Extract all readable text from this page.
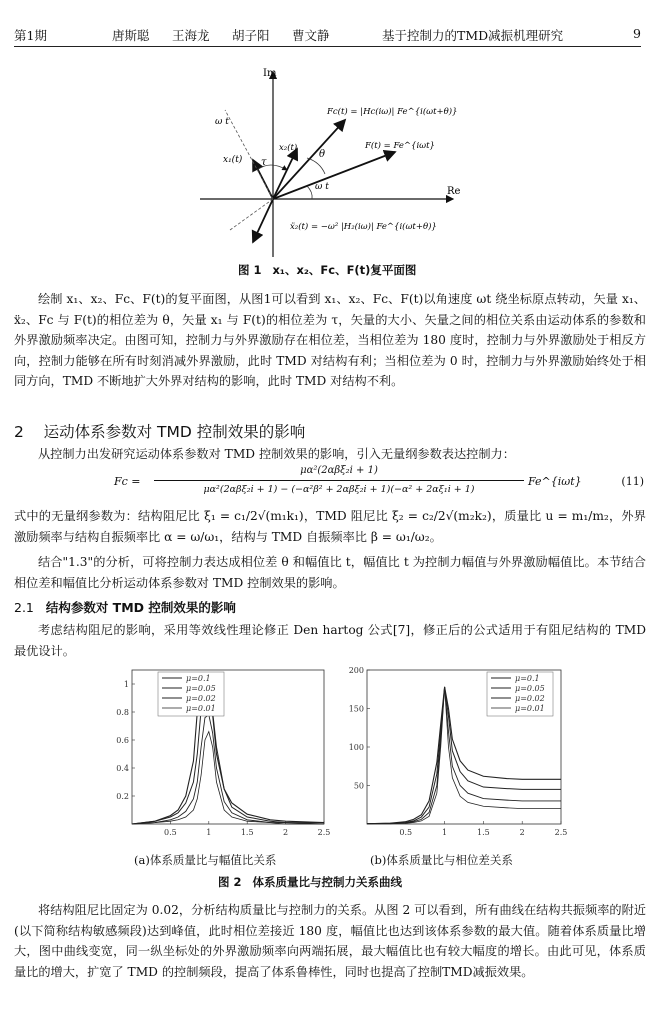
第1期	唐斯聪 王海龙 胡子阳 曹文静	基于控制力的TMD减振机理研究	9
Im
Re
ω t
x₁(t)
x₂(t)
τ
θ
ω t
Fc(t) = |Hc(iω)| Fe^{i(ωt+θ)}
F(t) = Fe^{iωt}
ẍ₂(t) = −ω² |H₂(iω)| Fe^{i(ωt+θ)}
图 1 x₁、x₂、Fc、F(t)复平面图

绘制 x₁、x₂、Fc、F(t)的复平面图，从图1可以看到 x₁、x₂、Fc、F(t)以角速度 ωt 绕坐标原点转动，矢量 x₁、ẍ₂、Fc 与 F(t)的相位差为 θ，矢量 x₁ 与 F(t)的相位差为 τ，矢量的大小、矢量之间的相位关系由运动体系的参数和外界激励频率决定。由图可知，控制力与外界激励存在相位差，当相位差为 180 度时，控制力与外界激励处于相反方向，控制力能够在所有时刻消减外界激励，此时 TMD 对结构有利；当相位差为 0 时，控制力与外界激励始终处于相同方向，TMD 不断地扩大外界对结构的影响，此时 TMD 对结构不利。

2 运动体系参数对 TMD 控制效果的影响

从控制力出发研究运动体系参数对 TMD 控制效果的影响，引入无量纲参数表达控制力：

Fc =
μα²(2αβξ₂i + 1)
μα²(2αβξ₂i + 1) − (−α²β² + 2αβξ₂i + 1)(−α² + 2αξ₁i + 1)
Fe^{iωt}	(11)

式中的无量纲参数为：结构阻尼比 ξ₁ = c₁/2√(m₁k₁)，TMD 阻尼比 ξ₂ = c₂/2√(m₂k₂)，质量比 u = m₁/m₂，外界激励频率与结构自振频率比 α = ω/ω₁，结构与 TMD 自振频率比 β = ω₁/ω₂。

结合"1.3"的分析，可将控制力表达成相位差 θ 和幅值比 t，幅值比 t 为控制力幅值与外界激励幅值比。本节结合相位差和幅值比分析运动体系参数对 TMD 控制效果的影响。

2.1 结构参数对 TMD 控制效果的影响

考虑结构阻尼的影响，采用等效线性理论修正 Den hartog 公式[7]，修正后的公式适用于有阻尼结构的 TMD 最优设计。

0.5	1	1.5	2	2.5
0.2
0.4
0.6
0.8
1
μ=0.1
μ=0.05
μ=0.02
μ=0.01
0.5	1	1.5	2	2.5
50
100
150
200
μ=0.1
μ=0.05
μ=0.02
μ=0.01
(a)体系质量比与幅值比关系	(b)体系质量比与相位差关系
图 2 体系质量比与控制力关系曲线

将结构阻尼比固定为 0.02，分析结构质量比与控制力的关系。从图 2 可以看到，所有曲线在结构共振频率的附近(以下简称结构敏感频段)达到峰值，此时相位差接近 180 度，幅值比也达到该体系参数的最大值。随着体系质量比增大，图中曲线变宽，同一纵坐标处的外界激励频率向两端拓展，最大幅值比也有较大幅度的增长。由此可见，体系质量比的增大，扩宽了 TMD 的控制频段，提高了体系鲁棒性，同时也提高了控制TMD减振效果。
